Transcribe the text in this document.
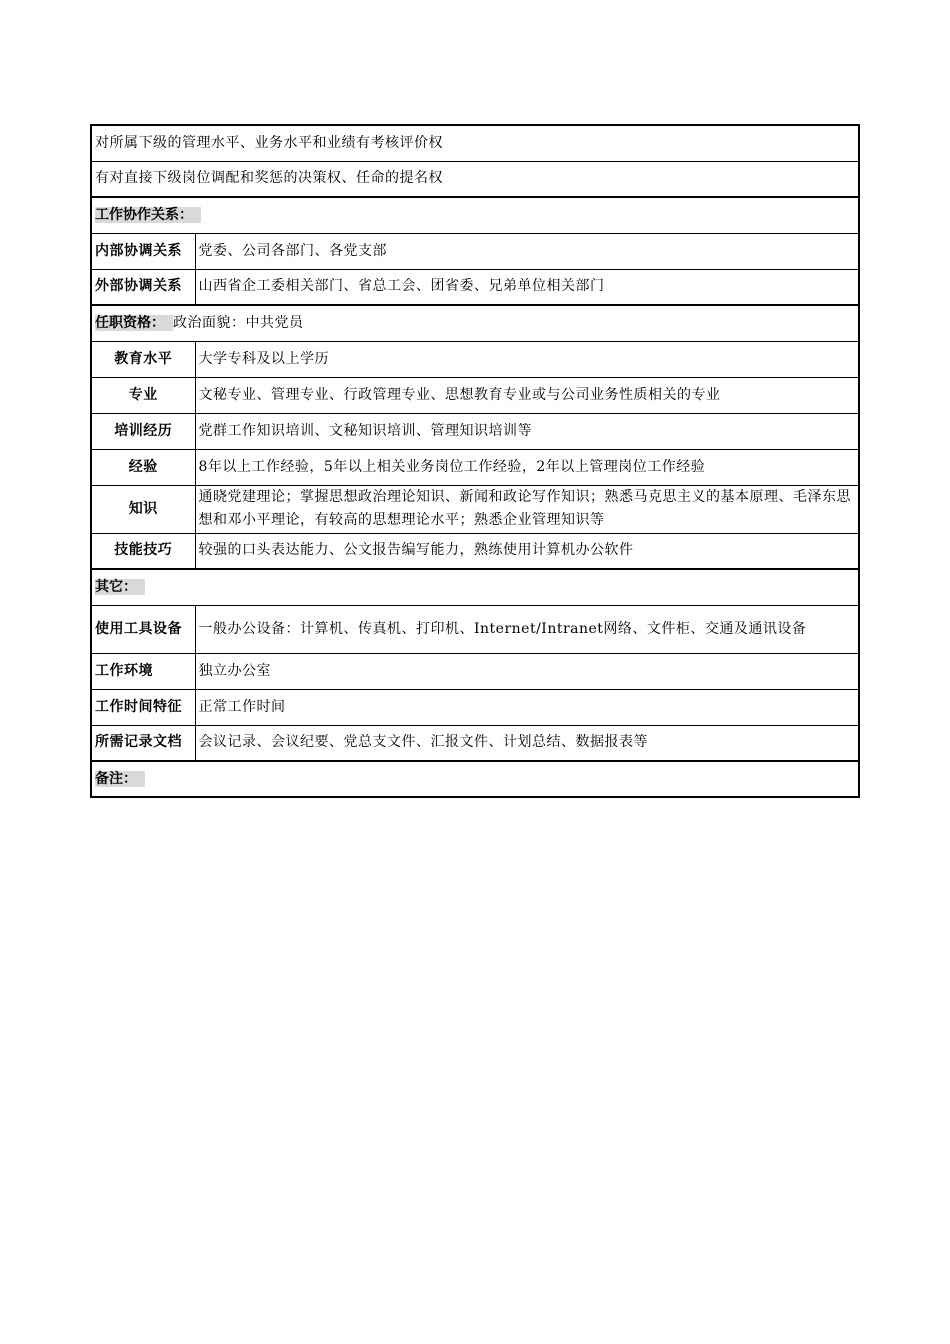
对所属下级的管理水平、业务水平和业绩有考核评价权	
有对直接下级岗位调配和奖惩的决策权、任命的提名权	
工作协作关系：	
内部协调关系	党委、公司各部门、各党支部
外部协调关系	山西省企工委相关部门、省总工会、团省委、兄弟单位相关部门
任职资格： 政治面貌：中共党员	
教育水平	大学专科及以上学历
专业	文秘专业、管理专业、行政管理专业、思想教育专业或与公司业务性质相关的专业
培训经历	党群工作知识培训、文秘知识培训、管理知识培训等
经验	8年以上工作经验，5年以上相关业务岗位工作经验，2年以上管理岗位工作经验
知识	通晓党建理论；掌握思想政治理论知识、新闻和政论写作知识；熟悉马克思主义的基本原理、毛泽东思想和邓小平理论，有较高的思想理论水平；熟悉企业管理知识等
技能技巧	较强的口头表达能力、公文报告编写能力，熟练使用计算机办公软件
其它：	
使用工具设备	一般办公设备：计算机、传真机、打印机、Internet/Intranet网络、文件柜、交通及通讯设备
工作环境	独立办公室
工作时间特征	正常工作时间
所需记录文档	会议记录、会议纪要、党总支文件、汇报文件、计划总结、数据报表等
备注：	
